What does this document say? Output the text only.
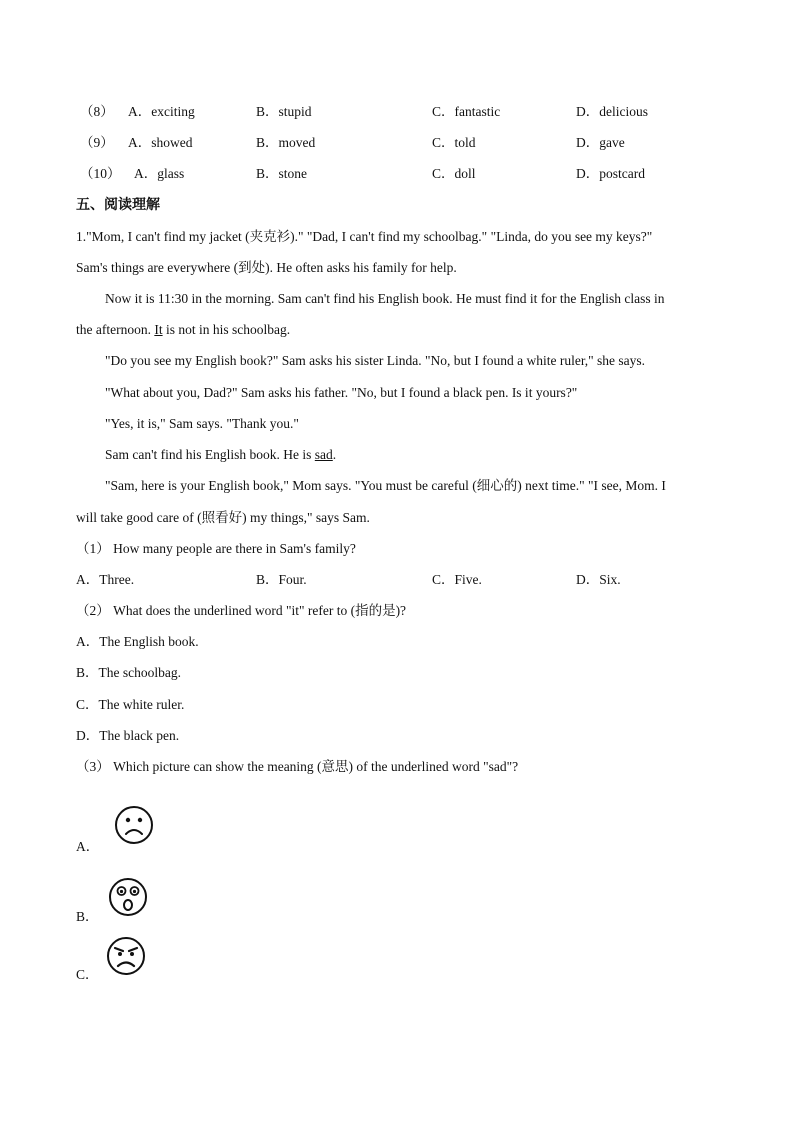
（8） A．exciting	B．stupid	C．fantastic	D．delicious
（9） A．showed	B．moved	C．told	D．gave
（10） A．glass	B．stone	C．doll	D．postcard
五、阅读理解
1."Mom, I can't find my jacket (夹克衫)." "Dad, I can't find my schoolbag." "Linda, do you see my keys?"
Sam's things are everywhere (到处). He often asks his family for help.
Now it is 11:30 in the morning. Sam can't find his English book. He must find it for the English class in
the afternoon. It is not in his schoolbag.
"Do you see my English book?" Sam asks his sister Linda. "No, but I found a white ruler," she says.
"What about you, Dad?" Sam asks his father. "No, but I found a black pen. Is it yours?"
"Yes, it is," Sam says. "Thank you."
Sam can't find his English book. He is sad.
"Sam, here is your English book," Mom says. "You must be careful (细心的) next time." "I see, Mom. I
will take good care of (照看好) my things," says Sam.
（1） How many people are there in Sam's family?
A．Three.	B．Four.	C．Five.	D．Six.
（2） What does the underlined word "it" refer to (指的是)?
A．The English book.
B．The schoolbag.
C．The white ruler.
D．The black pen.
（3） Which picture can show the meaning (意思) of the underlined word "sad"?
A．
B．
C．
